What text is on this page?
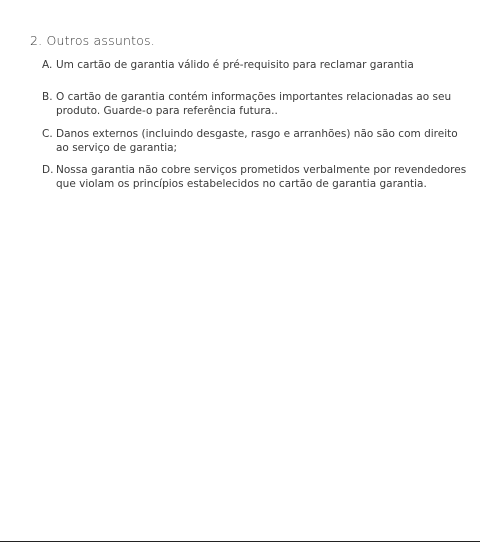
2. Outros assuntos.
A. Um cartão de garantia válido é pré-requisito para reclamar garantia
B. O cartão de garantia contém informações importantes relacionadas ao seu produto. Guarde-o para referência futura..
C. Danos externos (incluindo desgaste, rasgo e arranhões) não são com direito ao serviço de garantia;
D. Nossa garantia não cobre serviços prometidos verbalmente por revendedores que violam os princípios estabelecidos no cartão de garantia garantia.
